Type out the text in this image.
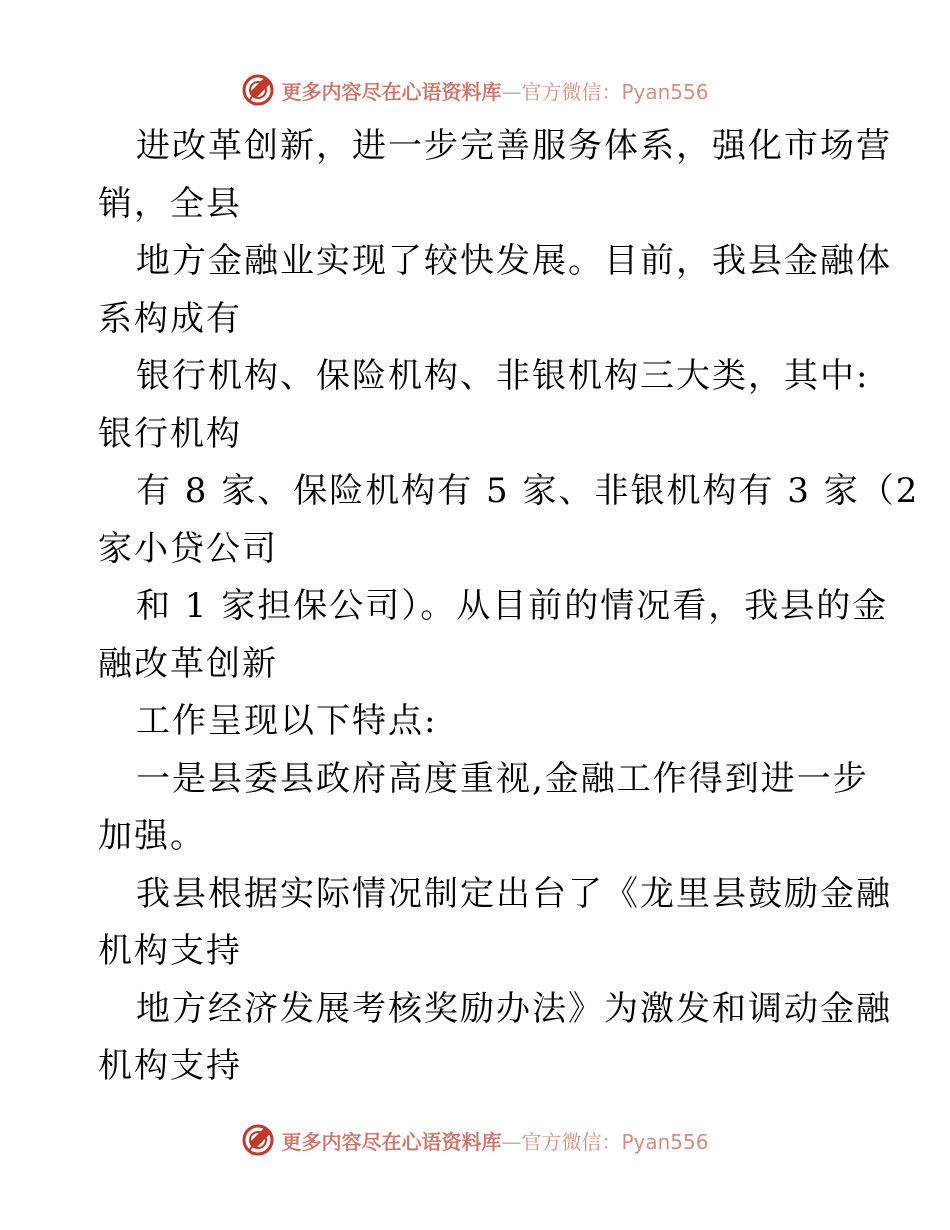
更多内容尽在心语资料库—官方微信：Pyan556
进改革创新，进一步完善服务体系，强化市场营
销，全县
地方金融业实现了较快发展。目前，我县金融体
系构成有
银行机构、保险机构、非银机构三大类，其中:
银行机构
有 8 家、保险机构有 5 家、非银机构有 3 家（2
家小贷公司
和 1 家担保公司）。从目前的情况看，我县的金
融改革创新
工作呈现以下特点:
一是县委县政府高度重视,金融工作得到进一步
加强。
我县根据实际情况制定出台了《龙里县鼓励金融
机构支持
地方经济发展考核奖励办法》为激发和调动金融
机构支持
更多内容尽在心语资料库—官方微信：Pyan556
